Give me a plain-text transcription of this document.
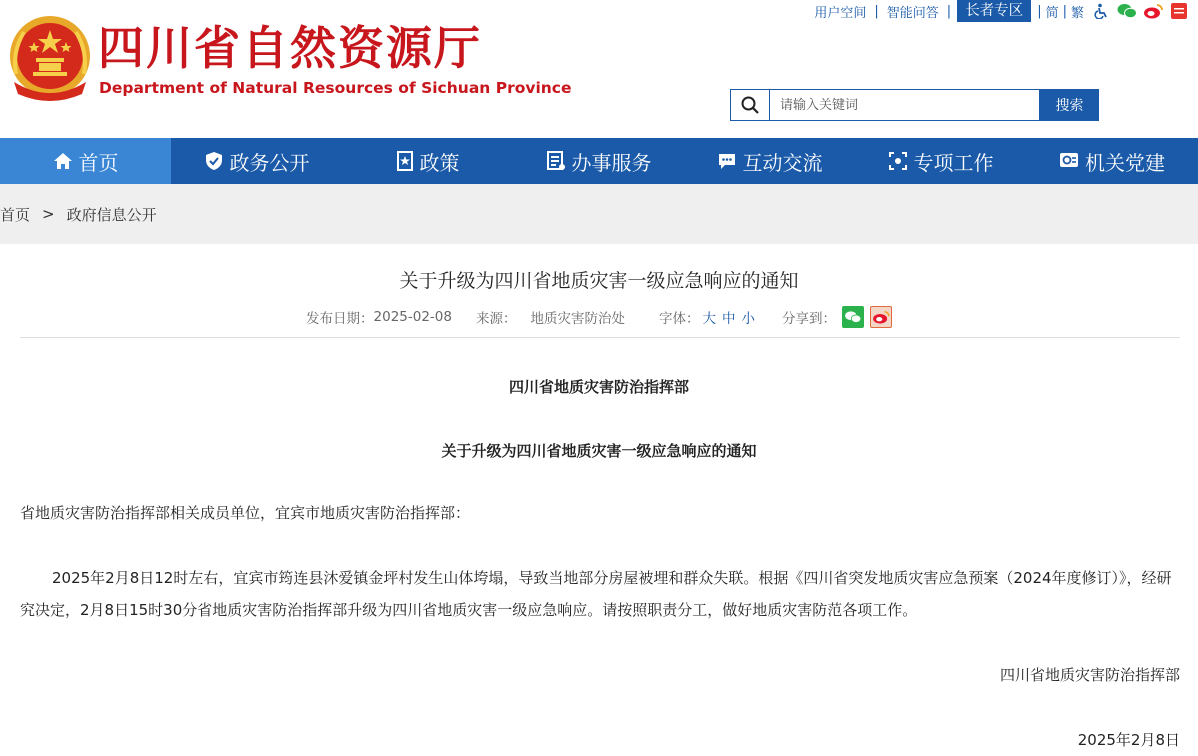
四川省自然资源厅
Department of Natural Resources of Sichuan Province
用户空间 | 智能问答 | 长者专区	| 简 | 繁
请输入关键词
搜索
首页	政务公开	政策	办事服务	互动交流	专项工作	机关党建
首页 > 政府信息公开
关于升级为四川省地质灾害一级应急响应的通知
发布日期： 2025-02-08 来源： 地质灾害防治处	字体： 大 中 小 分享到：
四川省地质灾害防治指挥部
关于升级为四川省地质灾害一级应急响应的通知
省地质灾害防治指挥部相关成员单位，宜宾市地质灾害防治指挥部：
2025年2月8日12时左右，宜宾市筠连县沐爱镇金坪村发生山体垮塌，导致当地部分房屋被埋和群众失联。根据《四川省突发地质灾害应急预案（2024年度修订）》，经研究决定，2月8日15时30分省地质灾害防治指挥部升级为四川省地质灾害一级应急响应。请按照职责分工，做好地质灾害防范各项工作。
四川省地质灾害防治指挥部
2025年2月8日
